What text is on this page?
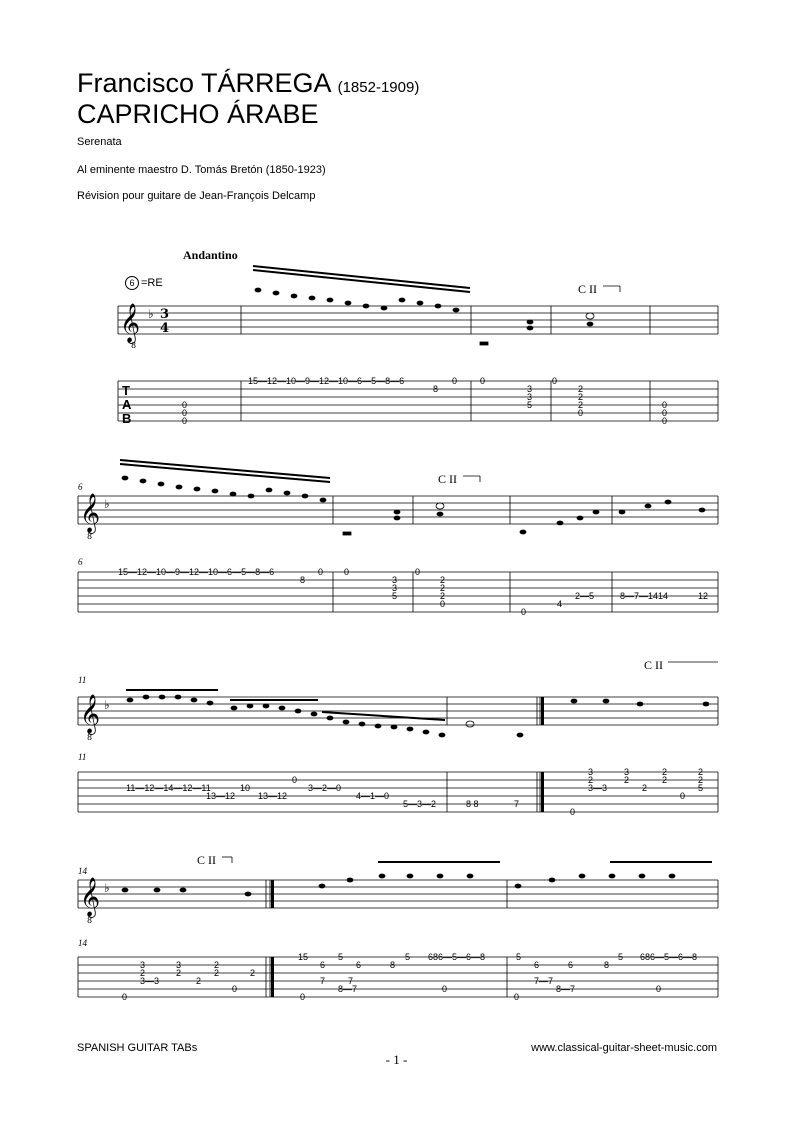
Francisco TÁRREGA (1852-1909)
CAPRICHO ÁRABE
Serenata
Al eminente maestro D. Tomás Bretón (1850-1923)
Révision pour guitare de Jean-François Delcamp
Andantino
6 =RE
𝄞
𝄞
𝄞
𝄞
8
8
8
8
♭
♭
♭
♭
3
4
T
A
B
6
6
11
11
14
14
C II
C II
C II
C II
15—12—10—9—12—10—6—5—8—6
8
0	0
3
3
5
0
2
2
2
0
0
0
0
0
0
0
15—12—10—9—12—10—6—5—8—6
8
0 0
3
3
5
0
2
2
2
0
0
4
2—5	8—7—1414	12
11—12—14—12—11
13—12
10
13—12
0
3—2—0
4—1—0
5—3—2	8 8	7
0
3
2
3—3
3
2
2
2
2
0
2
2
5
3
2
3—3
3
2
2
2
2
0
2
0
15
6
5
6	8
5 686—5—6—8
7	7
8—7	0
0
5
6	6	8
5 686—5—6—8
7—7
8—7	0
0
SPANISH GUITAR TABs	www.classical-guitar-sheet-music.com
- 1 -
